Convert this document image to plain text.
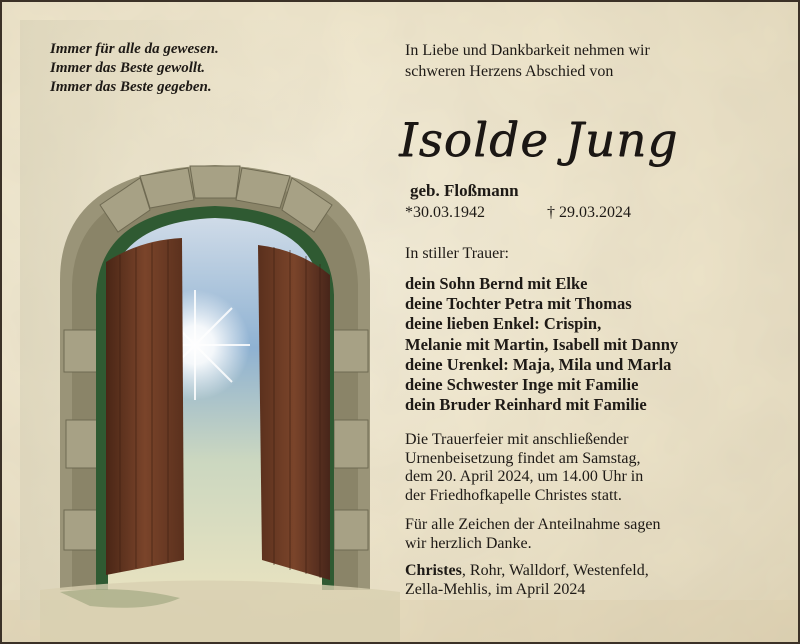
Immer für alle da gewesen.
Immer das Beste gewollt.
Immer das Beste gegeben.
In Liebe und Dankbarkeit nehmen wir
schweren Herzens Abschied von
Isolde Jung
geb. Floßmann
*30.03.1942	† 29.03.2024
In stiller Trauer:
dein Sohn Bernd mit Elke
deine Tochter Petra mit Thomas
deine lieben Enkel: Crispin,
Melanie mit Martin, Isabell mit Danny
deine Urenkel: Maja, Mila und Marla
deine Schwester Inge mit Familie
dein Bruder Reinhard mit Familie
Die Trauerfeier mit anschließender
Urnenbeisetzung findet am Samstag,
dem 20. April 2024, um 14.00 Uhr in
der Friedhofkapelle Christes statt.
Für alle Zeichen der Anteilnahme sagen
wir herzlich Danke.
Christes, Rohr, Walldorf, Westenfeld,
Zella-Mehlis, im April 2024
